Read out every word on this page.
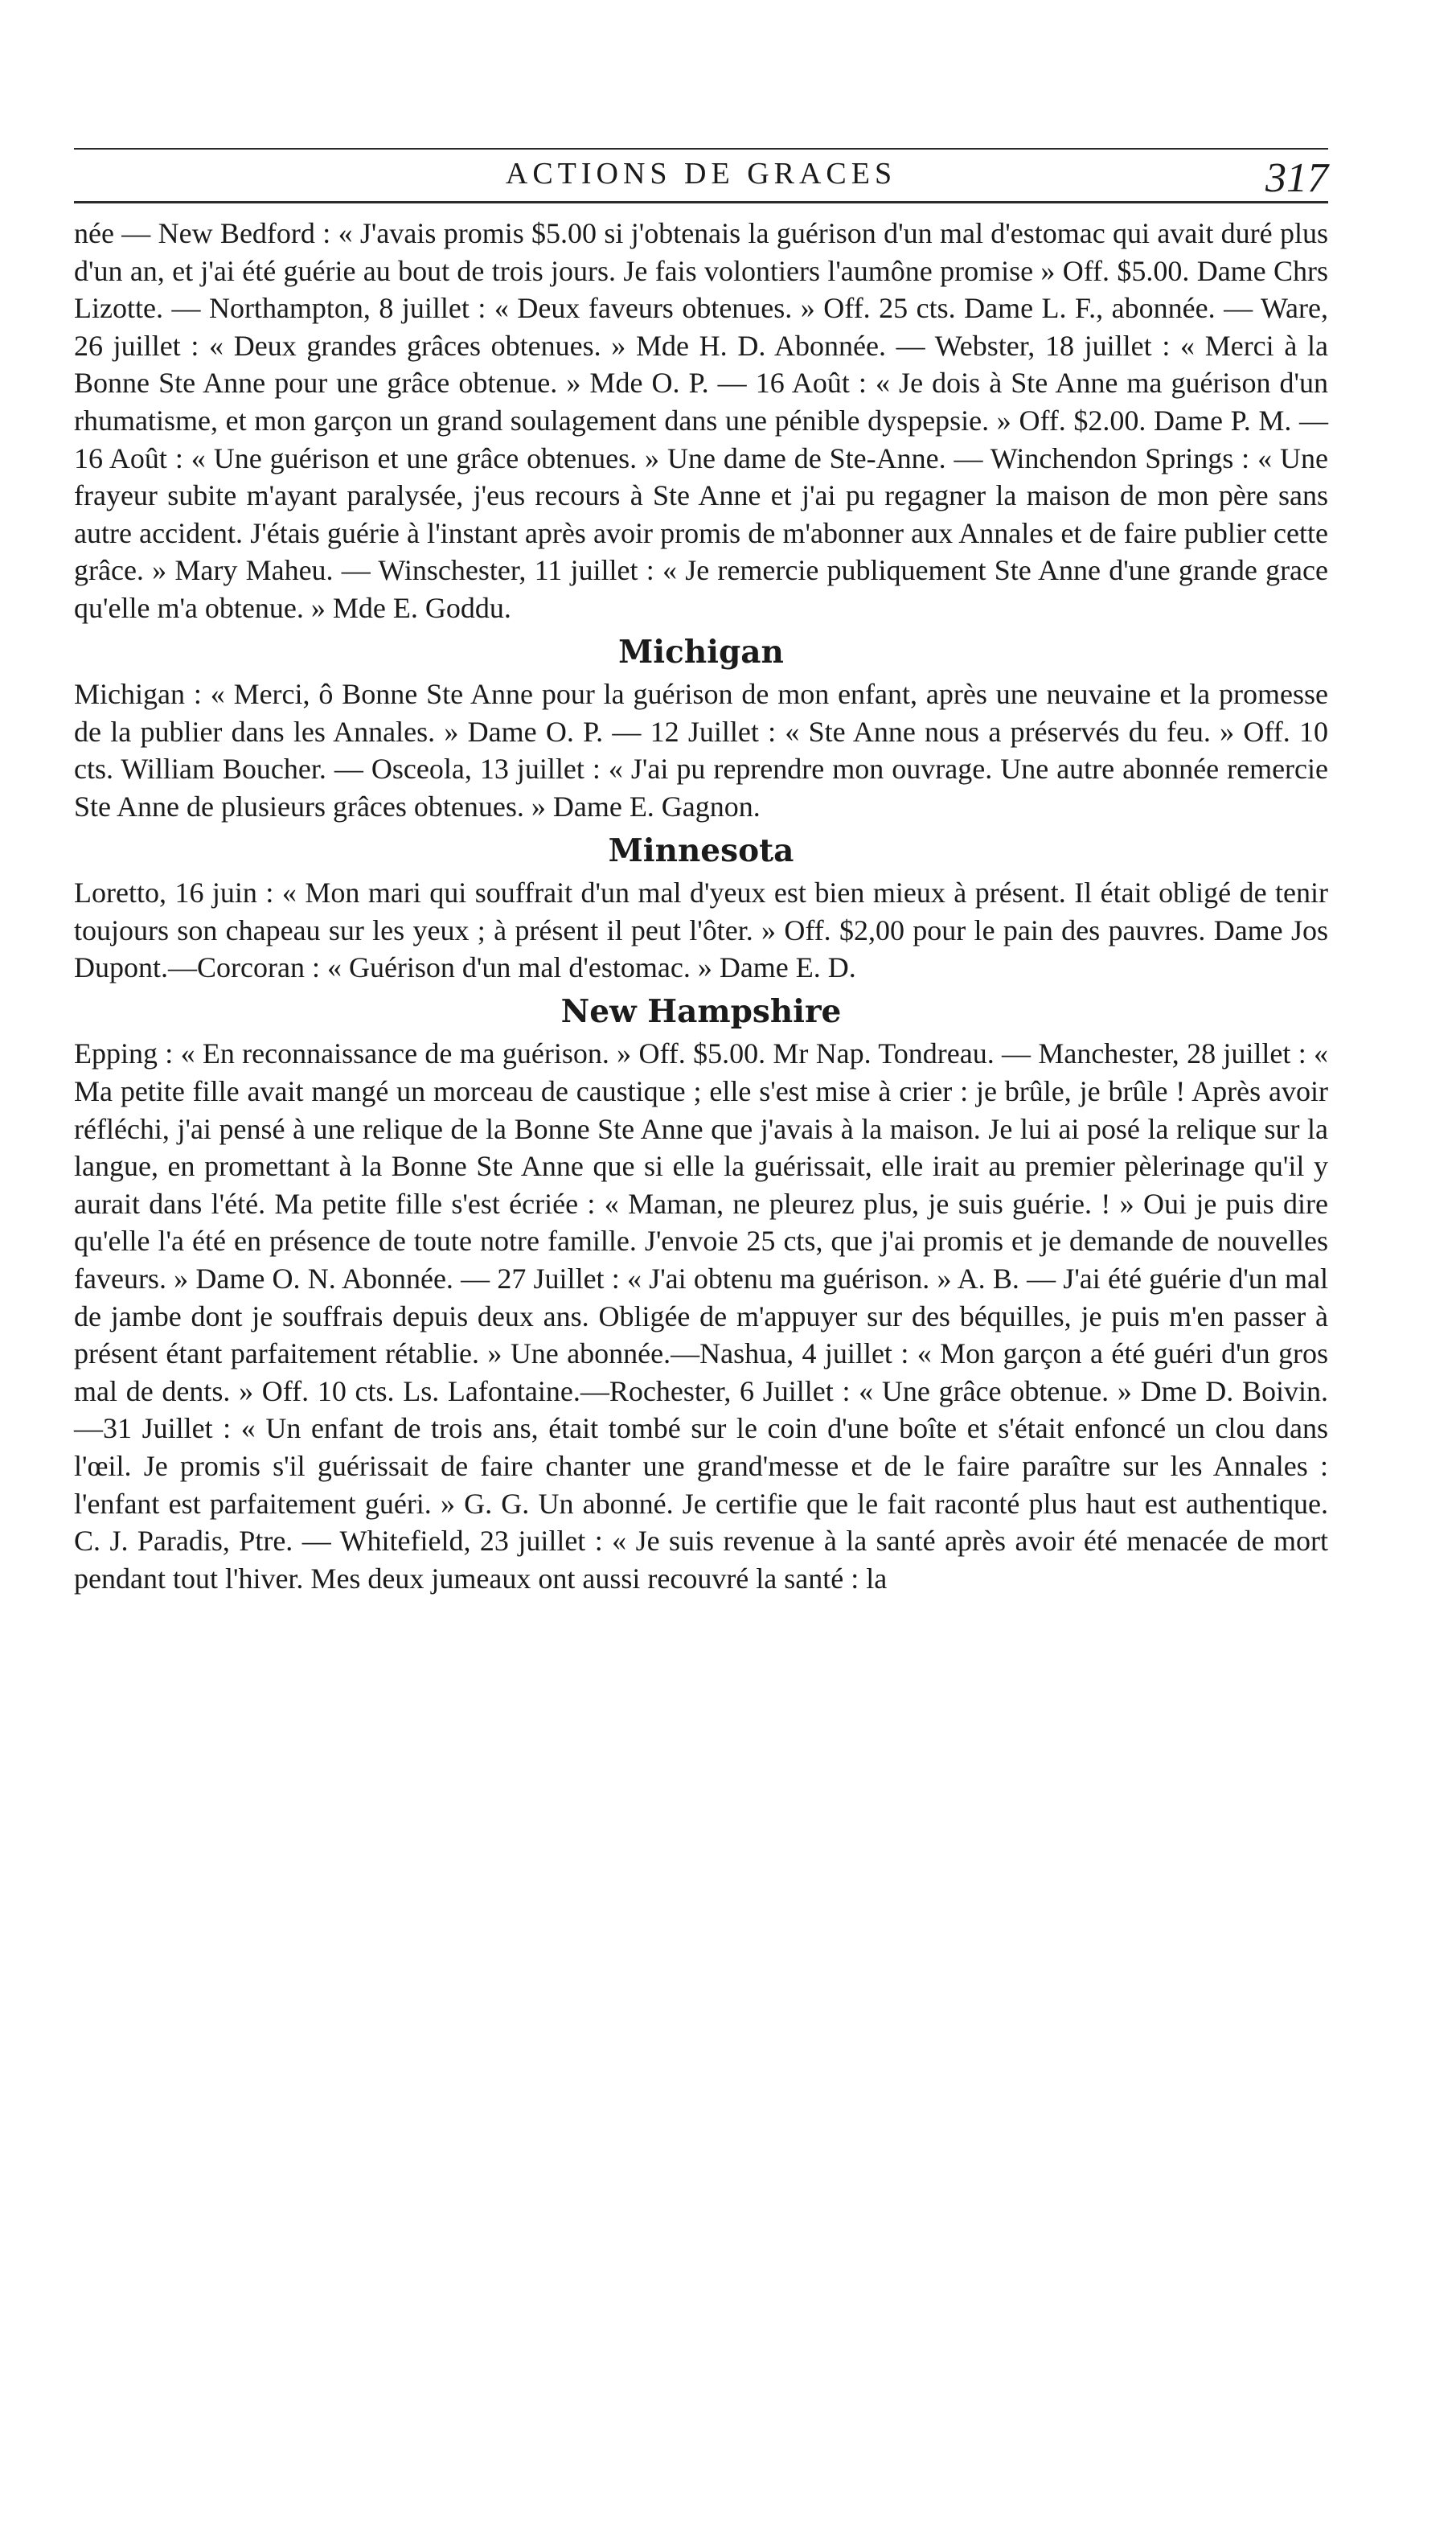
ACTIONS DE GRACES	317

née — New Bedford : « J'avais promis $5.00 si j'obtenais la guérison d'un mal d'estomac qui avait duré plus d'un an, et j'ai été guérie au bout de trois jours. Je fais volontiers l'aumône promise » Off. $5.00. Dame Chrs Lizotte. — Northampton, 8 juillet : « Deux faveurs obtenues. » Off. 25 cts. Dame L. F., abonnée. — Ware, 26 juillet : « Deux grandes grâces obtenues. » Mde H. D. Abonnée. — Webster, 18 juillet : « Merci à la Bonne Ste Anne pour une grâce obtenue. » Mde O. P. — 16 Août : « Je dois à Ste Anne ma guérison d'un rhumatisme, et mon garçon un grand soulagement dans une pénible dyspepsie. » Off. $2.00. Dame P. M. — 16 Août : « Une guérison et une grâce obtenues. » Une dame de Ste-Anne. — Winchendon Springs : « Une frayeur subite m'ayant paralysée, j'eus recours à Ste Anne et j'ai pu regagner la maison de mon père sans autre accident. J'étais guérie à l'instant après avoir promis de m'abonner aux Annales et de faire publier cette grâce. » Mary Maheu. — Winschester, 11 juillet : « Je remercie publiquement Ste Anne d'une grande grace qu'elle m'a obtenue. » Mde E. Goddu.

Michigan

Michigan : « Merci, ô Bonne Ste Anne pour la guérison de mon enfant, après une neuvaine et la promesse de la publier dans les Annales. » Dame O. P. — 12 Juillet : « Ste Anne nous a préservés du feu. » Off. 10 cts. William Boucher. — Osceola, 13 juillet : « J'ai pu reprendre mon ouvrage. Une autre abonnée remercie Ste Anne de plusieurs grâces obtenues. » Dame E. Gagnon.

Minnesota

Loretto, 16 juin : « Mon mari qui souffrait d'un mal d'yeux est bien mieux à présent. Il était obligé de tenir toujours son chapeau sur les yeux ; à présent il peut l'ôter. » Off. $2,00 pour le pain des pauvres. Dame Jos Dupont.—Corcoran : « Guérison d'un mal d'estomac. » Dame E. D.

New Hampshire

Epping : « En reconnaissance de ma guérison. » Off. $5.00. Mr Nap. Tondreau. — Manchester, 28 juillet : « Ma petite fille avait mangé un morceau de caustique ; elle s'est mise à crier : je brûle, je brûle ! Après avoir réfléchi, j'ai pensé à une relique de la Bonne Ste Anne que j'avais à la maison. Je lui ai posé la relique sur la langue, en promettant à la Bonne Ste Anne que si elle la guérissait, elle irait au premier pèlerinage qu'il y aurait dans l'été. Ma petite fille s'est écriée : « Maman, ne pleurez plus, je suis guérie. ! » Oui je puis dire qu'elle l'a été en présence de toute notre famille. J'envoie 25 cts, que j'ai promis et je demande de nouvelles faveurs. » Dame O. N. Abonnée. — 27 Juillet : « J'ai obtenu ma guérison. » A. B. — J'ai été guérie d'un mal de jambe dont je souffrais depuis deux ans. Obligée de m'appuyer sur des béquilles, je puis m'en passer à présent étant parfaitement rétablie. » Une abonnée.—Nashua, 4 juillet : « Mon garçon a été guéri d'un gros mal de dents. » Off. 10 cts. Ls. Lafontaine.—Rochester, 6 Juillet : « Une grâce obtenue. » Dme D. Boivin. —31 Juillet : « Un enfant de trois ans, était tombé sur le coin d'une boîte et s'était enfoncé un clou dans l'œil. Je promis s'il guérissait de faire chanter une grand'messe et de le faire paraître sur les Annales : l'enfant est parfaitement guéri. » G. G. Un abonné. Je certifie que le fait raconté plus haut est authentique. C. J. Paradis, Ptre. — Whitefield, 23 juillet : « Je suis revenue à la santé après avoir été menacée de mort pendant tout l'hiver. Mes deux jumeaux ont aussi recouvré la santé : la
